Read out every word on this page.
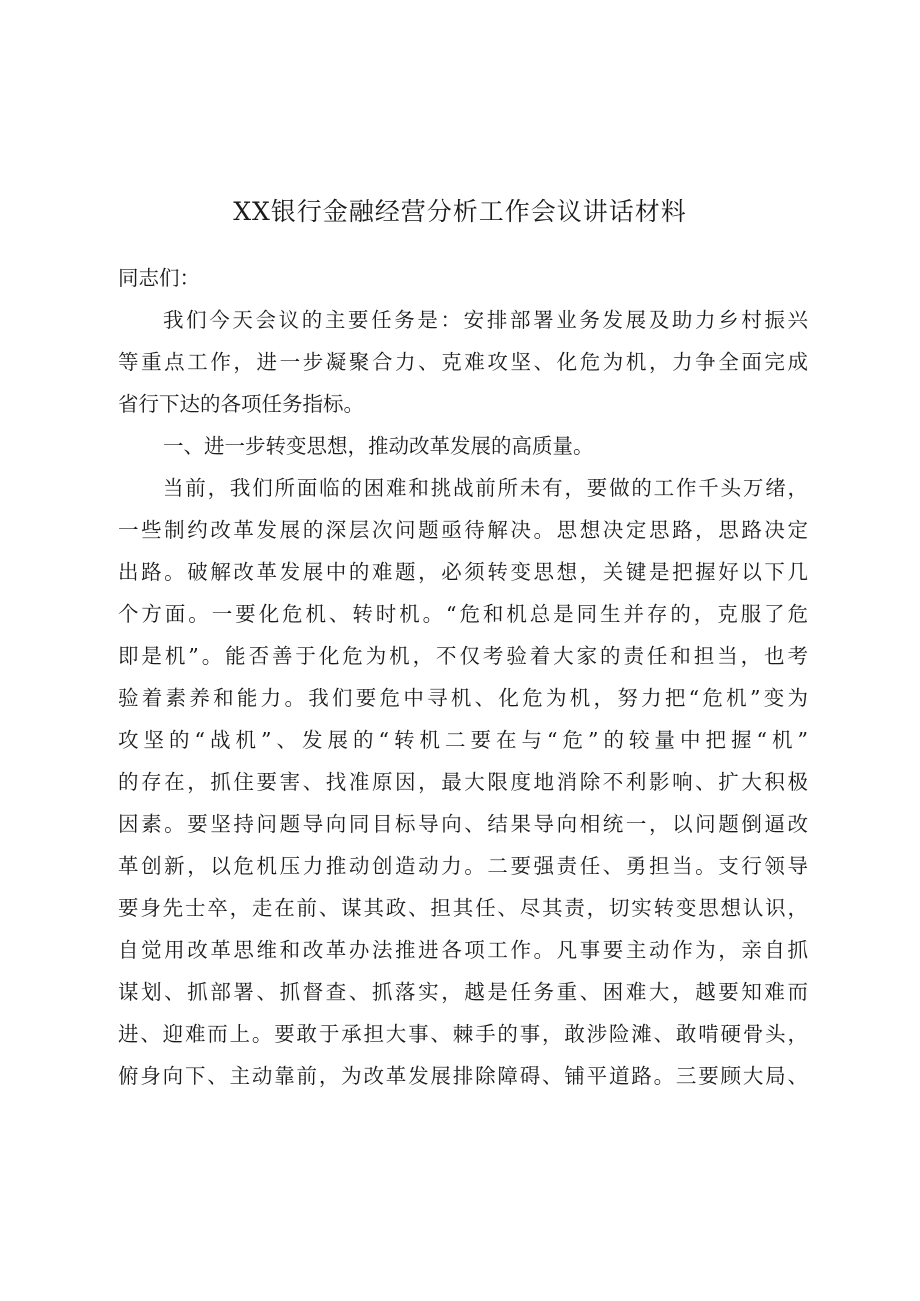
XX银行金融经营分析工作会议讲话材料
同志们：
我们今天会议的主要任务是：安排部署业务发展及助力乡村振兴
等重点工作，进一步凝聚合力、克难攻坚、化危为机，力争全面完成
省行下达的各项任务指标。
一、进一步转变思想，推动改革发展的高质量。
当前，我们所面临的困难和挑战前所未有，要做的工作千头万绪，
一些制约改革发展的深层次问题亟待解决。思想决定思路，思路决定
出路。破解改革发展中的难题，必须转变思想，关键是把握好以下几
个方面。一要化危机、转时机。“危和机总是同生并存的，克服了危
即是机”。能否善于化危为机，不仅考验着大家的责任和担当，也考
验着素养和能力。我们要危中寻机、化危为机，努力把“危机”变为
攻坚的“战机”、发展的“转机二要在与“危”的较量中把握“机”
的存在，抓住要害、找准原因，最大限度地消除不利影响、扩大积极
因素。要坚持问题导向同目标导向、结果导向相统一，以问题倒逼改
革创新，以危机压力推动创造动力。二要强责任、勇担当。支行领导
要身先士卒，走在前、谋其政、担其任、尽其责，切实转变思想认识，
自觉用改革思维和改革办法推进各项工作。凡事要主动作为，亲自抓
谋划、抓部署、抓督查、抓落实，越是任务重、困难大，越要知难而
进、迎难而上。要敢于承担大事、棘手的事，敢涉险滩、敢啃硬骨头，
俯身向下、主动靠前，为改革发展排除障碍、铺平道路。三要顾大局、
